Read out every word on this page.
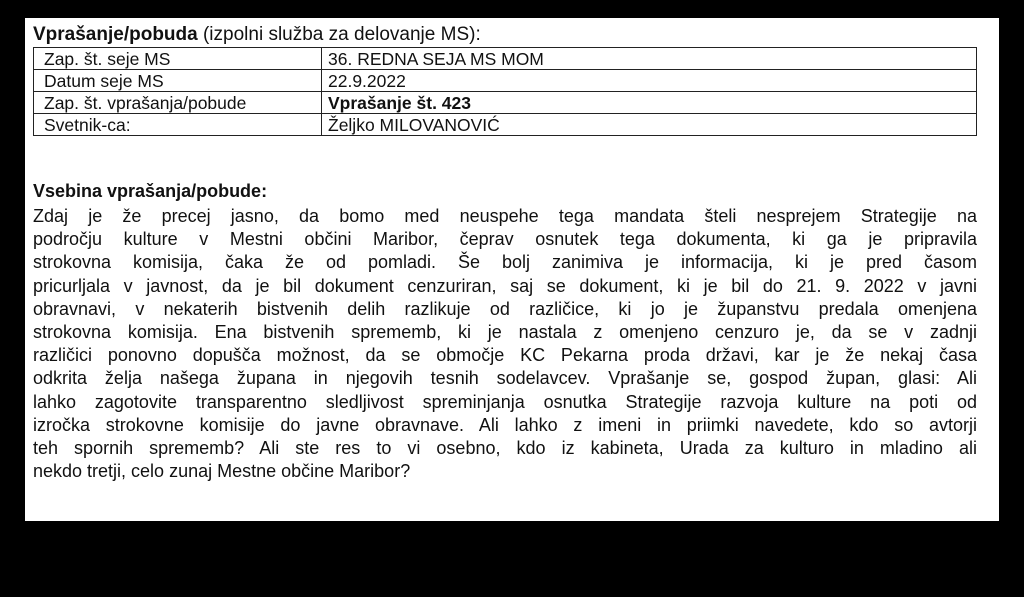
Vprašanje/pobuda (izpolni služba za delovanje MS):
Zap. št. seje MS	36. REDNA SEJA MS MOM
Datum seje MS	22.9.2022
Zap. št. vprašanja/pobude	Vprašanje št. 423
Svetnik-ca:	Željko MILOVANOVIĆ
Vsebina vprašanja/pobude:
Zdaj je že precej jasno, da bomo med neuspehe tega mandata šteli nesprejem Strategije na
področju kulture v Mestni občini Maribor, čeprav osnutek tega dokumenta, ki ga je pripravila
strokovna komisija, čaka že od pomladi. Še bolj zanimiva je informacija, ki je pred časom
pricurljala v javnost, da je bil dokument cenzuriran, saj se dokument, ki je bil do 21. 9. 2022 v javni
obravnavi, v nekaterih bistvenih delih razlikuje od različice, ki jo je županstvu predala omenjena
strokovna komisija. Ena bistvenih sprememb, ki je nastala z omenjeno cenzuro je, da se v zadnji
različici ponovno dopušča možnost, da se območje KC Pekarna proda državi, kar je že nekaj časa
odkrita želja našega župana in njegovih tesnih sodelavcev. Vprašanje se, gospod župan, glasi: Ali
lahko zagotovite transparentno sledljivost spreminjanja osnutka Strategije razvoja kulture na poti od
izročka strokovne komisije do javne obravnave. Ali lahko z imeni in priimki navedete, kdo so avtorji
teh spornih sprememb? Ali ste res to vi osebno, kdo iz kabineta, Urada za kulturo in mladino ali
nekdo tretji, celo zunaj Mestne občine Maribor?
